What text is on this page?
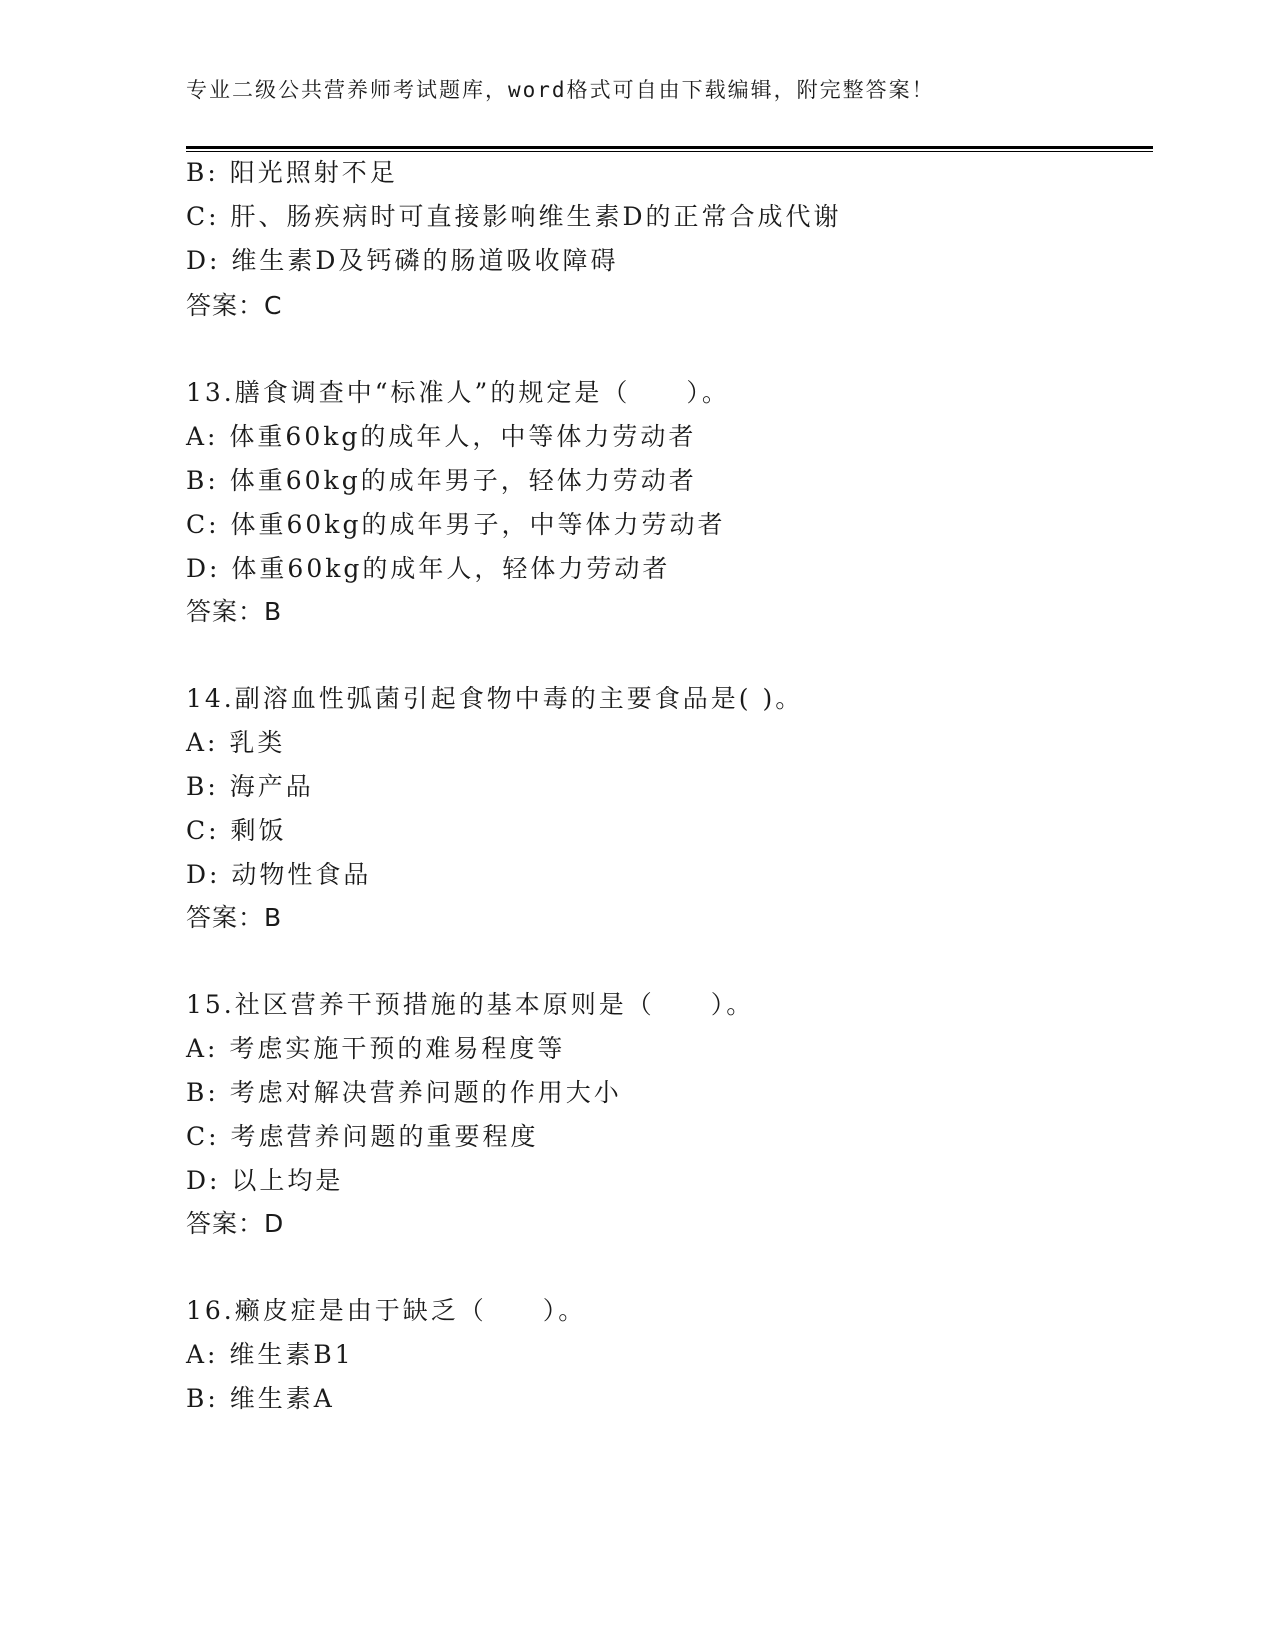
专业二级公共营养师考试题库，word格式可自由下载编辑，附完整答案！
B: 阳光照射不足
C: 肝、肠疾病时可直接影响维生素D的正常合成代谢
D: 维生素D及钙磷的肠道吸收障碍
答案：C
13.膳食调查中“标准人”的规定是（　　）。
A: 体重60kg的成年人，中等体力劳动者
B: 体重60kg的成年男子，轻体力劳动者
C: 体重60kg的成年男子，中等体力劳动者
D: 体重60kg的成年人，轻体力劳动者
答案：B
14.副溶血性弧菌引起食物中毒的主要食品是( )。
A: 乳类
B: 海产品
C: 剩饭
D: 动物性食品
答案：B
15.社区营养干预措施的基本原则是（　　）。
A: 考虑实施干预的难易程度等
B: 考虑对解决营养问题的作用大小
C: 考虑营养问题的重要程度
D: 以上均是
答案：D
16.癞皮症是由于缺乏（　　）。
A: 维生素B1
B: 维生素A
